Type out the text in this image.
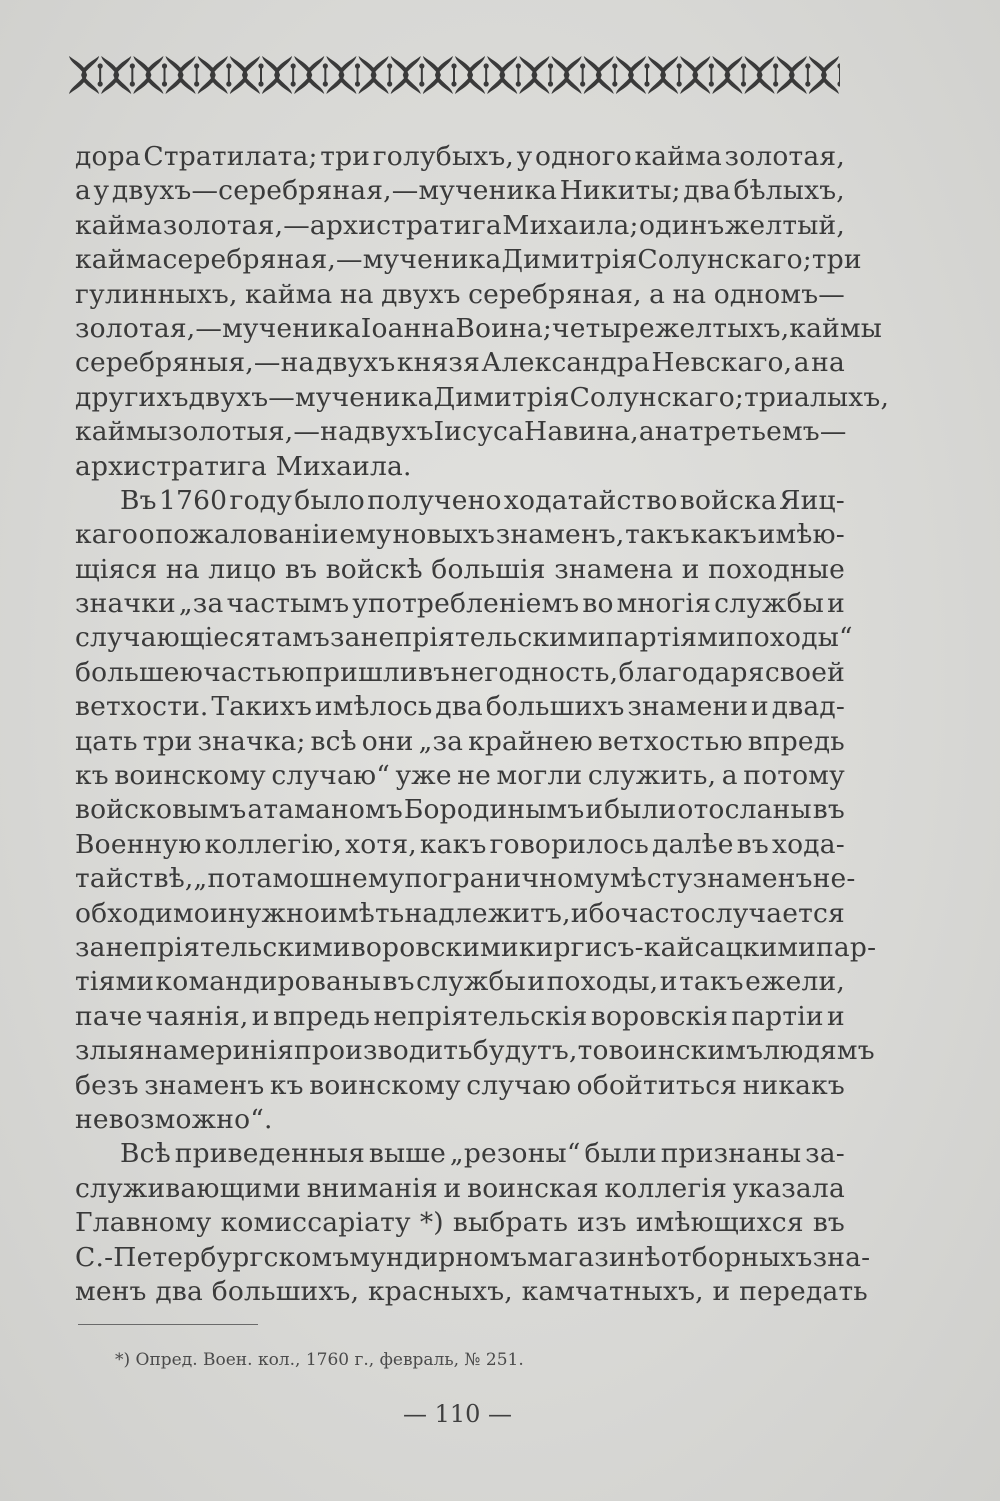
дора Стратилата; три голубыхъ, у одного кайма золотая,
а у двухъ—серебряная,—мученика Никиты; два бѣлыхъ,
кайма золотая,—архистратига Михаила; одинъ желтый,
кайма серебряная,—мученика Димитрія Солунскаго; три
гулинныхъ, кайма на двухъ серебряная, а на одномъ—
золотая,—мученика Іоанна Воина; четыре желтыхъ, каймы
серебряныя,—на двухъ князя Александра Невскаго, а на
другихъ двухъ—мученика Димитрія Солунскаго; три алыхъ,
каймы золотыя,—на двухъ Іисуса Навина, а на третьемъ—
архистратига Михаила.
Въ 1760 году было получено ходатайство войска Яиц-
каго о пожалованіи ему новыхъ знаменъ, такъ какъ имѣю-
щіяся на лицо въ войскѣ большія знамена и походные
значки „за частымъ употребленіемъ во многія службы и
случающіеся тамъ за непріятельскими партіями походы“
большею частью пришли въ негодность, благодаря своей
ветхости. Такихъ имѣлось два большихъ знамени и двад-
цать три значка; всѣ они „за крайнею ветхостью впредь
къ воинскому случаю“ уже не могли служить, а потому
войсковымъ атаманомъ Бородинымъ и были отосланы въ
Военную коллегію, хотя, какъ говорилось далѣе въ хода-
тайствѣ, „по тамошнему пограничному мѣсту знаменъ не-
обходимо и нужно имѣть надлежитъ, ибо часто случается
за непріятельскими воровскими киргисъ-кайсацкими пар-
тіями командированы въ службы и походы, и такъ ежели,
паче чаянія, и впредь непріятельскія воровскія партіи и
злыя намеринія производить будутъ, то воинскимъ людямъ
безъ знаменъ къ воинскому случаю обойтиться никакъ
невозможно“.
Всѣ приведенныя выше „резоны“ были признаны за-
служивающими вниманія и воинская коллегія указала
Главному комиссаріату *) выбрать изъ имѣющихся въ
С.-Петербургскомъ мундирномъ магазинѣ отборныхъ зна-
менъ два большихъ, красныхъ, камчатныхъ, и передать
*) Опред. Воен. кол., 1760 г., февраль, № 251.
— 110 —
